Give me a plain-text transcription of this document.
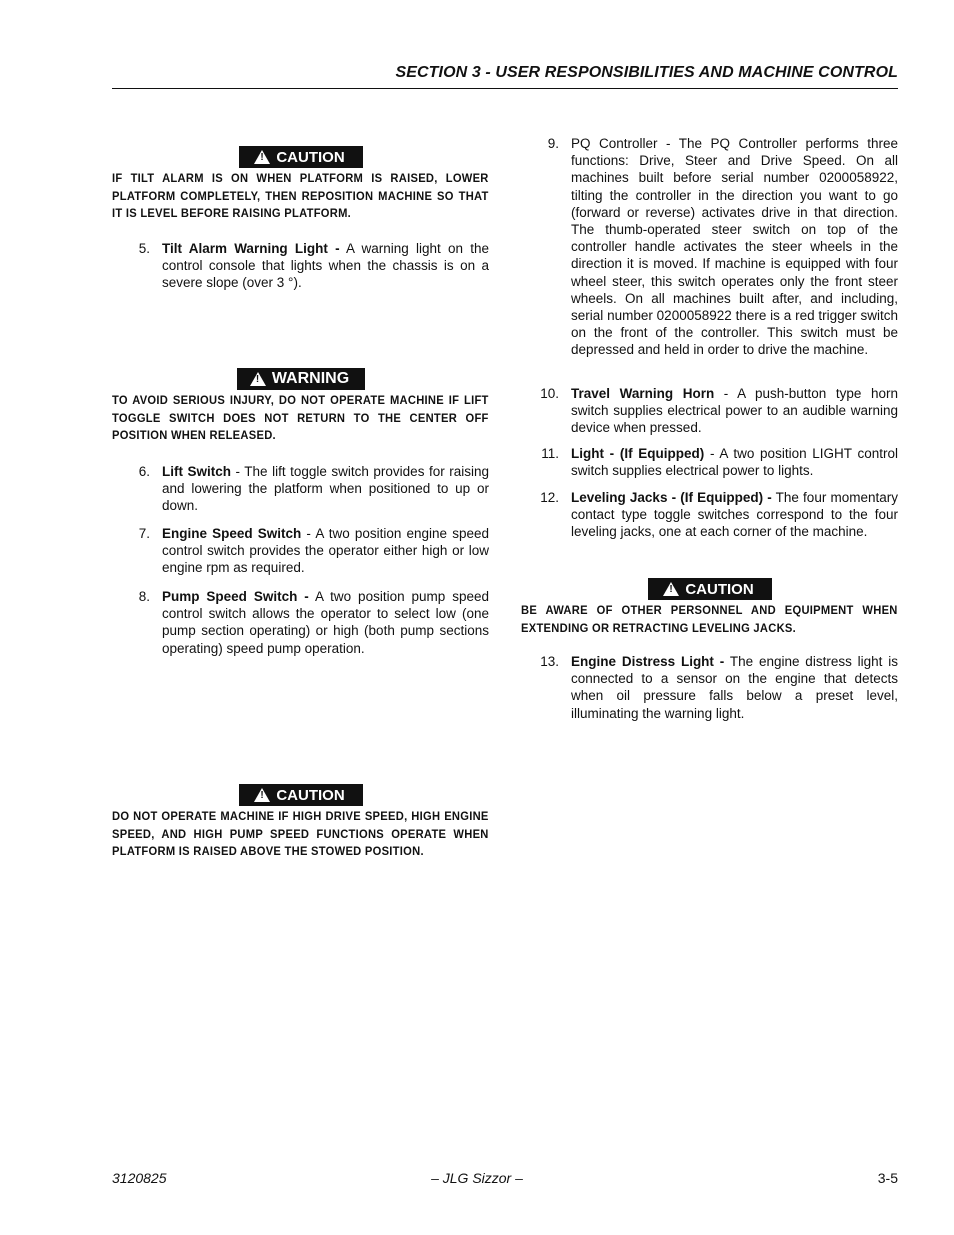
SECTION 3 - USER RESPONSIBILITIES AND MACHINE CONTROL
!
CAUTION
IF TILT ALARM IS ON WHEN PLATFORM IS RAISED, LOWER PLATFORM COMPLETELY, THEN REPOSITION MACHINE SO THAT IT IS LEVEL BEFORE RAISING PLATFORM.
5. Tilt Alarm Warning Light - A warning light on the control console that lights when the chassis is on a severe slope (over 3 °).
!
WARNING
TO AVOID SERIOUS INJURY, DO NOT OPERATE MACHINE IF LIFT TOGGLE SWITCH DOES NOT RETURN TO THE CENTER OFF POSITION WHEN RELEASED.
6. Lift Switch - The lift toggle switch provides for raising and lowering the platform when positioned to up or down.
7. Engine Speed Switch - A two position engine speed control switch provides the operator either high or low engine rpm as required.
8. Pump Speed Switch - A two position pump speed control switch allows the operator to select low (one pump section operating) or high (both pump sections operating) speed pump operation.
!
CAUTION
DO NOT OPERATE MACHINE IF HIGH DRIVE SPEED, HIGH ENGINE SPEED, AND HIGH PUMP SPEED FUNCTIONS OPERATE WHEN PLATFORM IS RAISED ABOVE THE STOWED POSITION.
9. PQ Controller - The PQ Controller performs three functions: Drive, Steer and Drive Speed. On all machines built before serial number 0200058922, tilting the controller in the direction you want to go (forward or reverse) activates drive in that direction. The thumb-operated steer switch on top of the controller handle activates the steer wheels in the direction it is moved. If machine is equipped with four wheel steer, this switch operates only the front steer wheels. On all machines built after, and including, serial number 0200058922 there is a red trigger switch on the front of the controller. This switch must be depressed and held in order to drive the machine.
10. Travel Warning Horn - A push-button type horn switch supplies electrical power to an audible warning device when pressed.
11. Light - (If Equipped) - A two position LIGHT control switch supplies electrical power to lights.
12. Leveling Jacks - (If Equipped) - The four momentary contact type toggle switches correspond to the four leveling jacks, one at each corner of the machine.
!
CAUTION
BE AWARE OF OTHER PERSONNEL AND EQUIPMENT WHEN EXTENDING OR RETRACTING LEVELING JACKS.
13. Engine Distress Light - The engine distress light is connected to a sensor on the engine that detects when oil pressure falls below a preset level, illuminating the warning light.
3120825	– JLG Sizzor –	3-5
